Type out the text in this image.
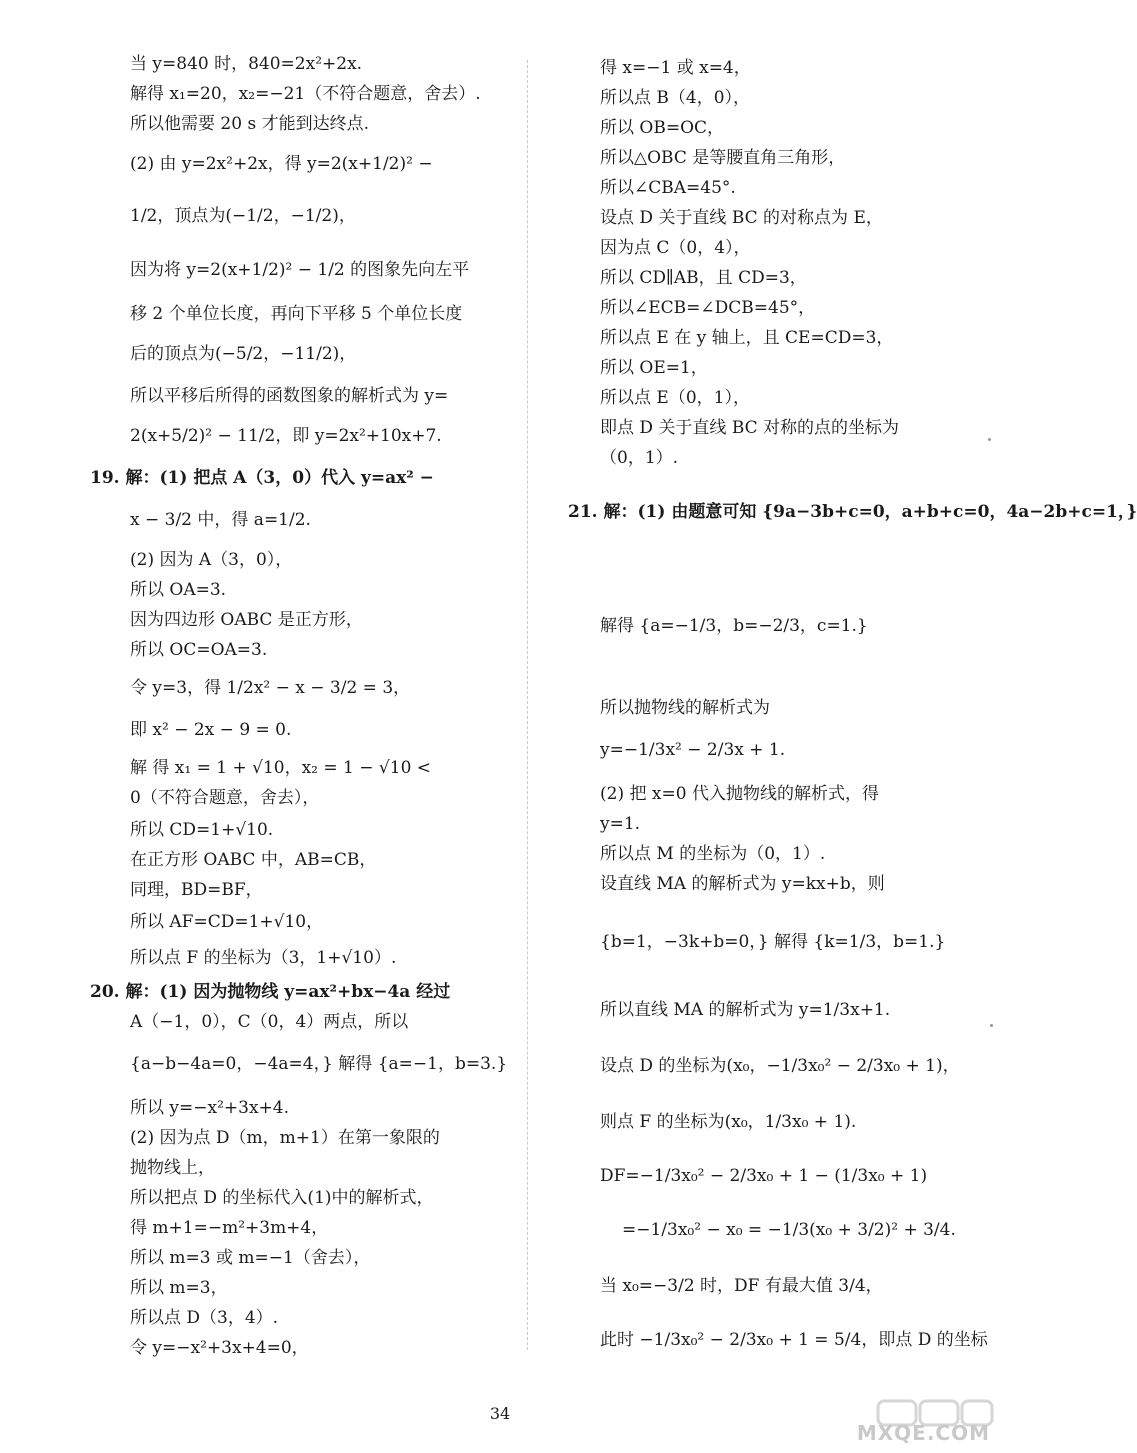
当 y=840 时，840=2x²+2x.
解得 x₁=20，x₂=−21（不符合题意，舍去）.
所以他需要 20 s 才能到达终点.
(2) 由 y=2x²+2x，得 y=2(x+1/2)² −
1/2，顶点为(−1/2，−1/2)，
因为将 y=2(x+1/2)² − 1/2 的图象先向左平
移 2 个单位长度，再向下平移 5 个单位长度
后的顶点为(−5/2，−11/2)，
所以平移后所得的函数图象的解析式为 y=
2(x+5/2)² − 11/2，即 y=2x²+10x+7.
19. 解：(1) 把点 A（3，0）代入 y=ax² −
x − 3/2 中，得 a=1/2.
(2) 因为 A（3，0），
所以 OA=3.
因为四边形 OABC 是正方形，
所以 OC=OA=3.
令 y=3，得 1/2x² − x − 3/2 = 3，
即 x² − 2x − 9 = 0.
解 得 x₁ = 1 + √10，x₂ = 1 − √10 <
0（不符合题意，舍去），
所以 CD=1+√10.
在正方形 OABC 中，AB=CB，
同理，BD=BF，
所以 AF=CD=1+√10，
所以点 F 的坐标为（3，1+√10）.
20. 解：(1) 因为抛物线 y=ax²+bx−4a 经过
A（−1，0），C（0，4）两点，所以
{a−b−4a=0，−4a=4，} 解得 {a=−1，b=3.}
所以 y=−x²+3x+4.
(2) 因为点 D（m，m+1）在第一象限的
抛物线上，
所以把点 D 的坐标代入(1)中的解析式，
得 m+1=−m²+3m+4，
所以 m=3 或 m=−1（舍去），
所以 m=3，
所以点 D（3，4）.
令 y=−x²+3x+4=0，
得 x=−1 或 x=4，
所以点 B（4，0），
所以 OB=OC，
所以△OBC 是等腰直角三角形，
所以∠CBA=45°.
设点 D 关于直线 BC 的对称点为 E，
因为点 C（0，4），
所以 CD∥AB，且 CD=3，
所以∠ECB=∠DCB=45°，
所以点 E 在 y 轴上，且 CE=CD=3，
所以 OE=1，
所以点 E（0，1），
即点 D 关于直线 BC 对称的点的坐标为
（0，1）.
21. 解：(1) 由题意可知 {9a−3b+c=0，a+b+c=0，4a−2b+c=1，}
解得 {a=−1/3，b=−2/3，c=1.}
所以抛物线的解析式为
y=−1/3x² − 2/3x + 1.
(2) 把 x=0 代入抛物线的解析式，得
y=1.
所以点 M 的坐标为（0，1）.
设直线 MA 的解析式为 y=kx+b，则
{b=1，−3k+b=0，} 解得 {k=1/3，b=1.}
所以直线 MA 的解析式为 y=1/3x+1.
设点 D 的坐标为(x₀，−1/3x₀² − 2/3x₀ + 1)，
则点 F 的坐标为(x₀，1/3x₀ + 1).
DF=−1/3x₀² − 2/3x₀ + 1 − (1/3x₀ + 1)
=−1/3x₀² − x₀ = −1/3(x₀ + 3/2)² + 3/4.
当 x₀=−3/2 时，DF 有最大值 3/4，
此时 −1/3x₀² − 2/3x₀ + 1 = 5/4，即点 D 的坐标
34
MXQE.COM
